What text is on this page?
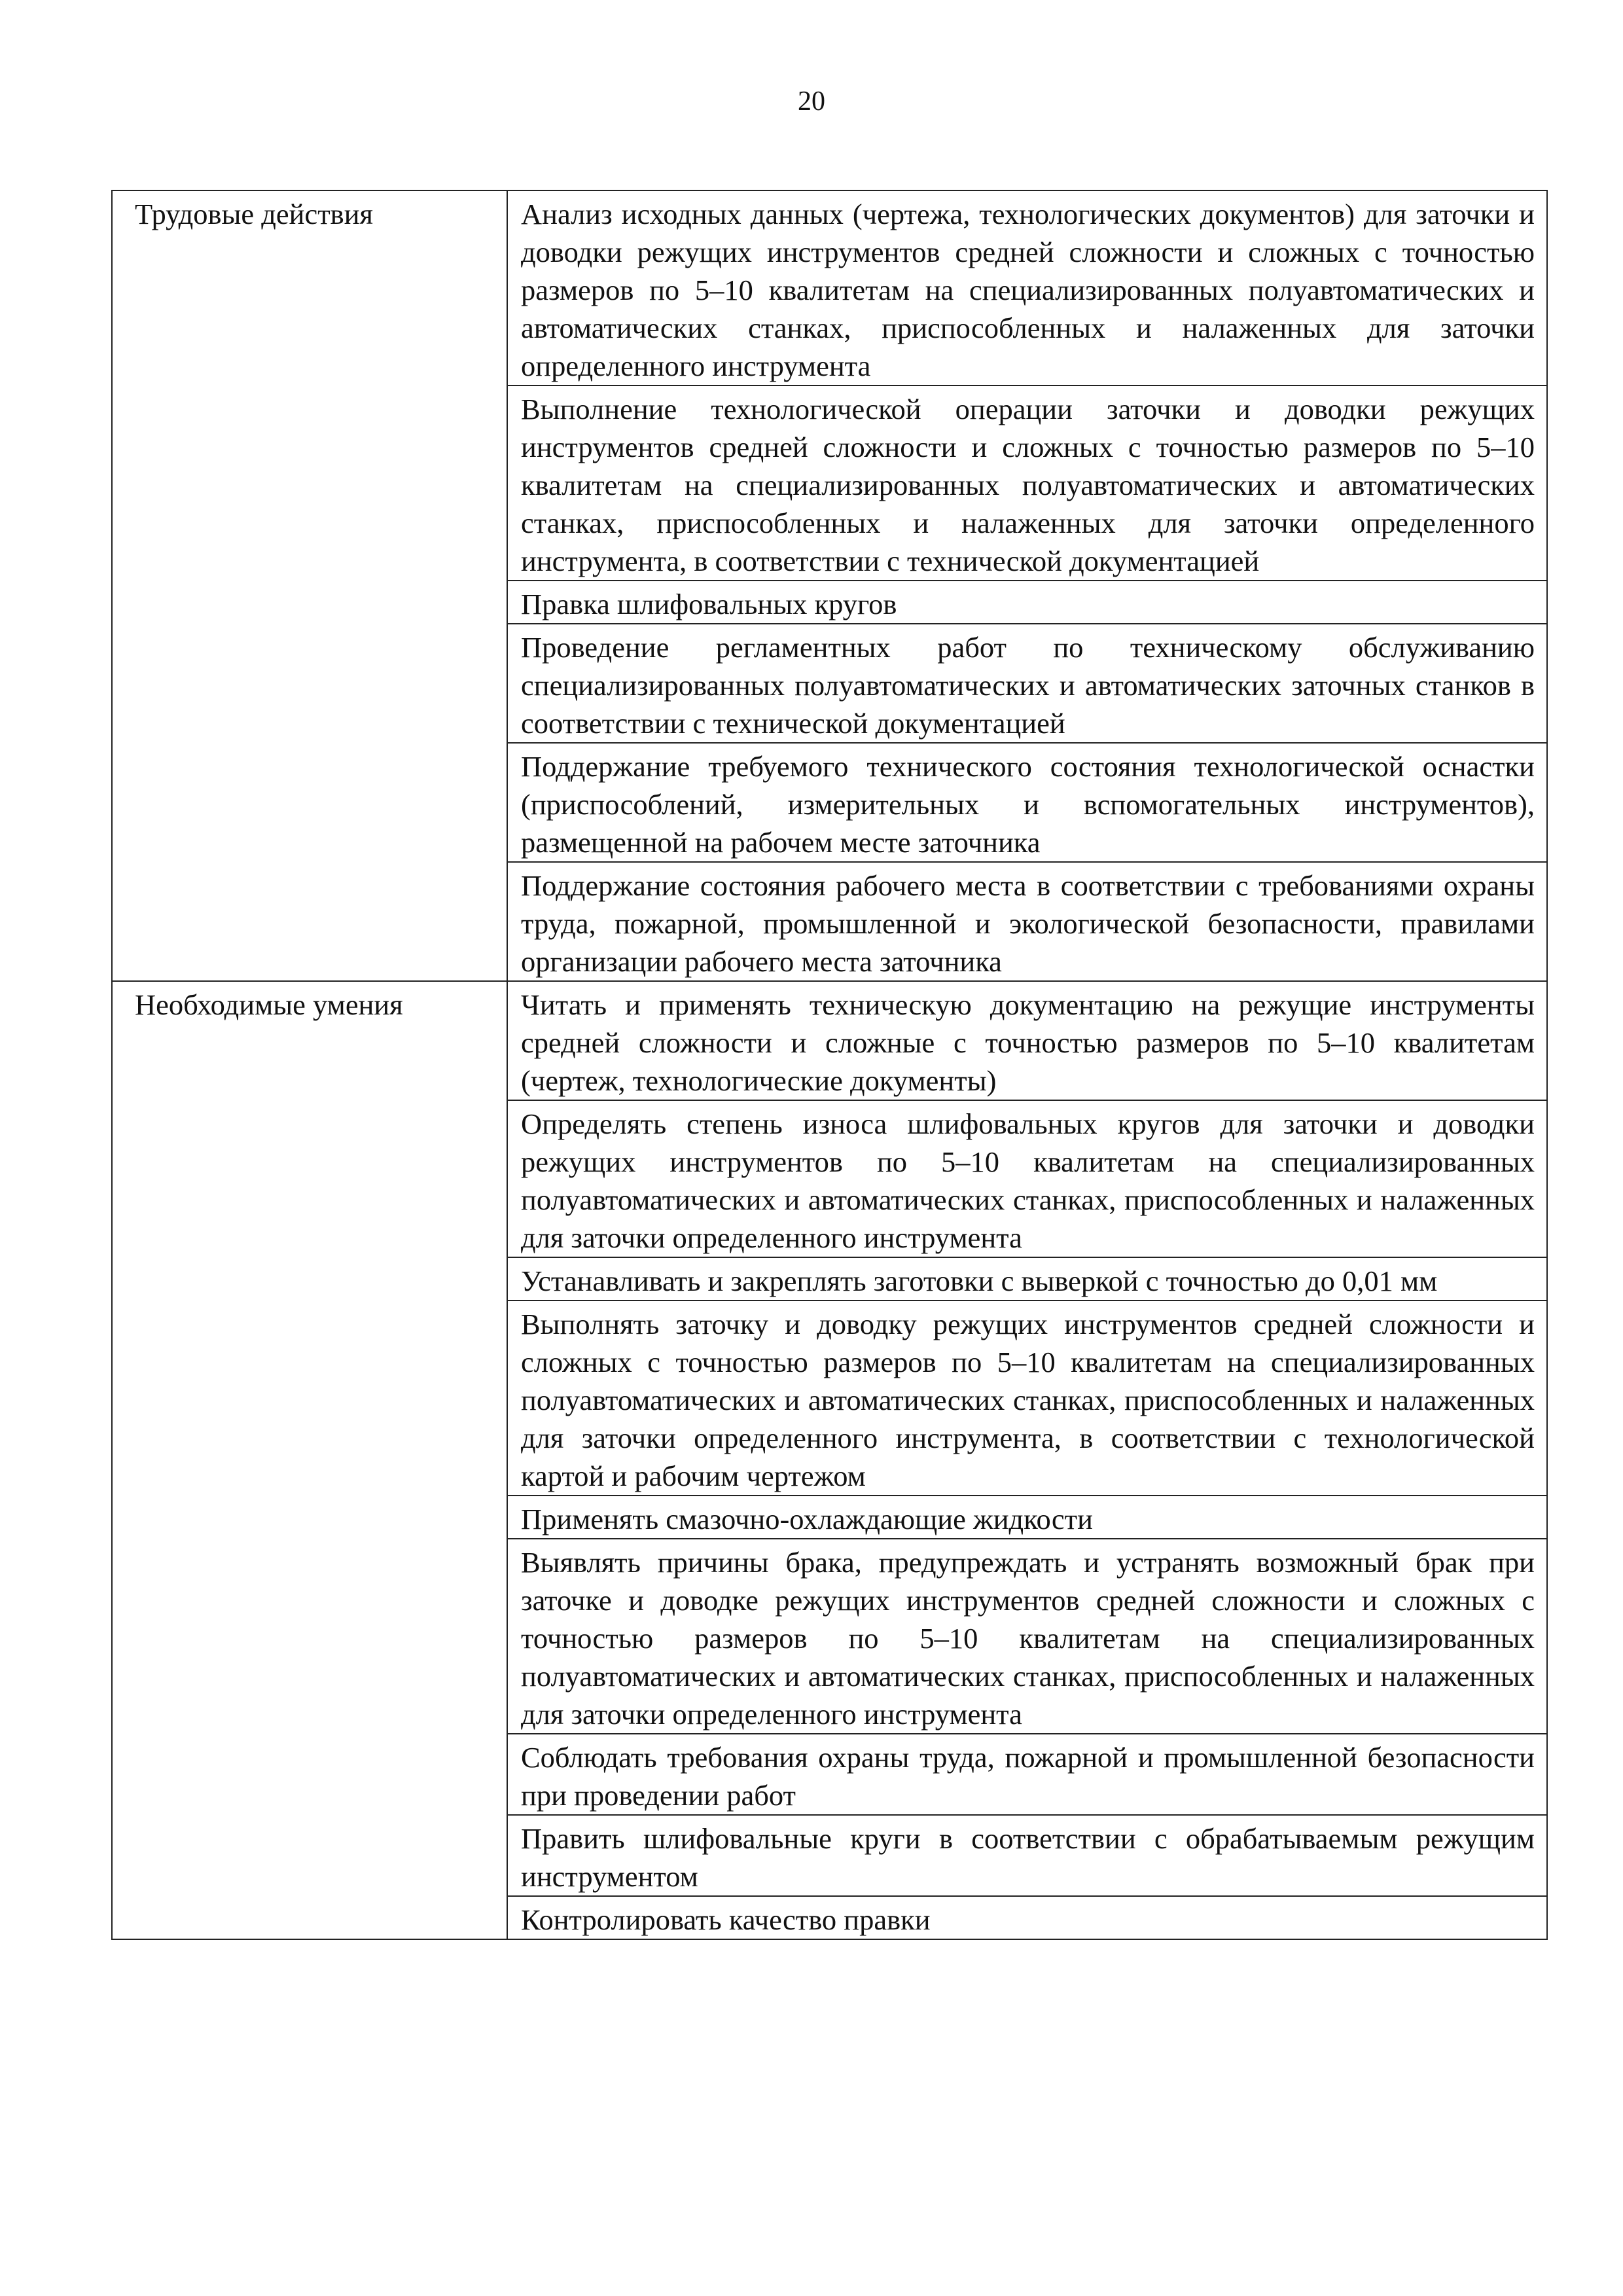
20
Трудовые действия	Анализ исходных данных (чертежа, технологических документов) для заточки и доводки режущих инструментов средней сложности и сложных с точностью размеров по 5–10 квалитетам на специализированных полуавтоматических и автоматических станках, приспособленных и налаженных для заточки определенного инструмента
	Выполнение технологической операции заточки и доводки режущих инструментов средней сложности и сложных с точностью размеров по 5–10 квалитетам на специализированных полуавтоматических и автоматических станках, приспособленных и налаженных для заточки определенного инструмента, в соответствии с технической документацией
	Правка шлифовальных кругов
	Проведение регламентных работ по техническому обслуживанию специализированных полуавтоматических и автоматических заточных станков в соответствии с технической документацией
	Поддержание требуемого технического состояния технологической оснастки (приспособлений, измерительных и вспомогательных инструментов), размещенной на рабочем месте заточника
	Поддержание состояния рабочего места в соответствии с требованиями охраны труда, пожарной, промышленной и экологической безопасности, правилами организации рабочего места заточника
Необходимые умения	Читать и применять техническую документацию на режущие инструменты средней сложности и сложные с точностью размеров по 5–10 квалитетам (чертеж, технологические документы)
	Определять степень износа шлифовальных кругов для заточки и доводки режущих инструментов по 5–10 квалитетам на специализированных полуавтоматических и автоматических станках, приспособленных и налаженных для заточки определенного инструмента
	Устанавливать и закреплять заготовки с выверкой с точностью до 0,01 мм
	Выполнять заточку и доводку режущих инструментов средней сложности и сложных с точностью размеров по 5–10 квалитетам на специализированных полуавтоматических и автоматических станках, приспособленных и налаженных для заточки определенного инструмента, в соответствии с технологической картой и рабочим чертежом
	Применять смазочно-охлаждающие жидкости
	Выявлять причины брака, предупреждать и устранять возможный брак при заточке и доводке режущих инструментов средней сложности и сложных с точностью размеров по 5–10 квалитетам на специализированных полуавтоматических и автоматических станках, приспособленных и налаженных для заточки определенного инструмента
	Соблюдать требования охраны труда, пожарной и промышленной безопасности при проведении работ
	Править шлифовальные круги в соответствии с обрабатываемым режущим инструментом
	Контролировать качество правки
